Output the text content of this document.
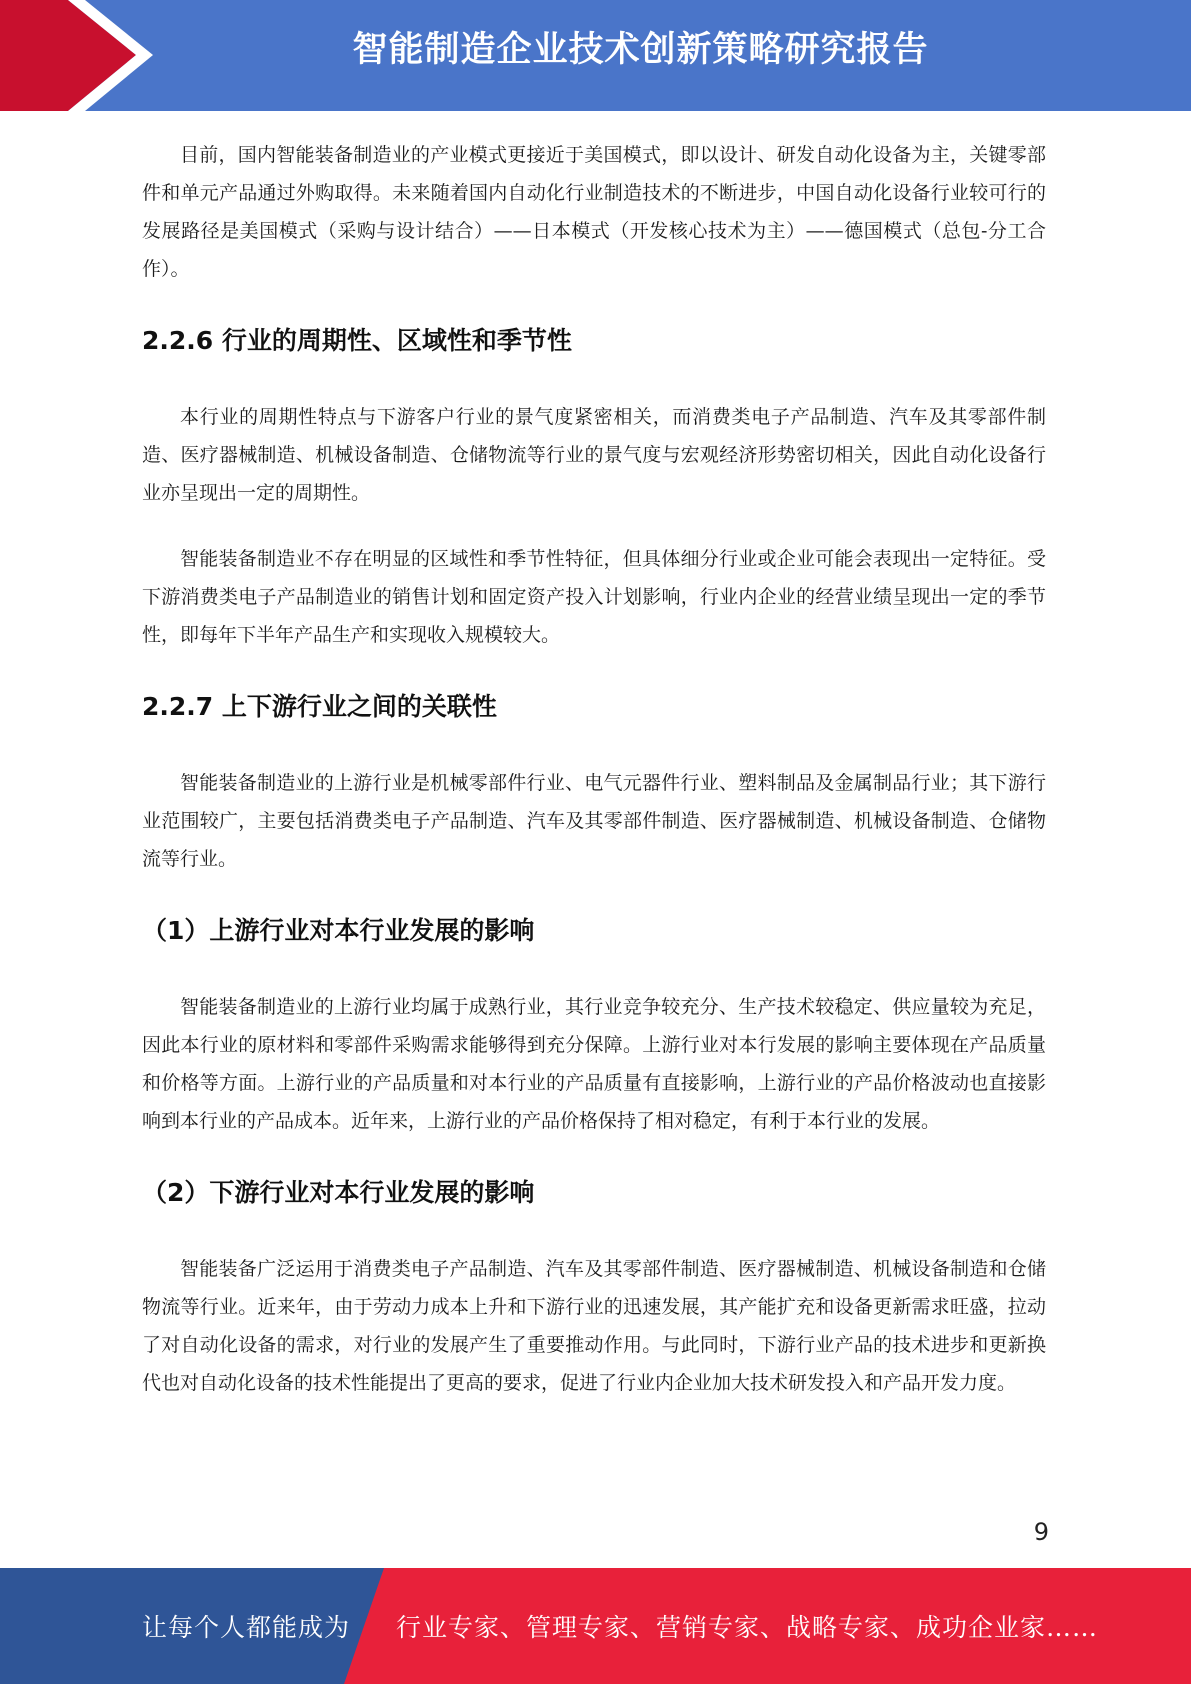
智能制造企业技术创新策略研究报告

目前，国内智能装备制造业的产业模式更接近于美国模式，即以设计、研发自动化设备为主，关键零部件和单元产品通过外购取得。未来随着国内自动化行业制造技术的不断进步，中国自动化设备行业较可行的发展路径是美国模式（采购与设计结合）——日本模式（开发核心技术为主）——德国模式（总包-分工合作）。

2.2.6 行业的周期性、区域性和季节性

本行业的周期性特点与下游客户行业的景气度紧密相关，而消费类电子产品制造、汽车及其零部件制造、医疗器械制造、机械设备制造、仓储物流等行业的景气度与宏观经济形势密切相关，因此自动化设备行业亦呈现出一定的周期性。

智能装备制造业不存在明显的区域性和季节性特征，但具体细分行业或企业可能会表现出一定特征。受下游消费类电子产品制造业的销售计划和固定资产投入计划影响，行业内企业的经营业绩呈现出一定的季节性，即每年下半年产品生产和实现收入规模较大。

2.2.7 上下游行业之间的关联性

智能装备制造业的上游行业是机械零部件行业、电气元器件行业、塑料制品及金属制品行业；其下游行业范围较广，主要包括消费类电子产品制造、汽车及其零部件制造、医疗器械制造、机械设备制造、仓储物流等行业。

（1）上游行业对本行业发展的影响

智能装备制造业的上游行业均属于成熟行业，其行业竞争较充分、生产技术较稳定、供应量较为充足，因此本行业的原材料和零部件采购需求能够得到充分保障。上游行业对本行发展的影响主要体现在产品质量和价格等方面。上游行业的产品质量和对本行业的产品质量有直接影响，上游行业的产品价格波动也直接影响到本行业的产品成本。近年来，上游行业的产品价格保持了相对稳定，有利于本行业的发展。

（2）下游行业对本行业发展的影响

智能装备广泛运用于消费类电子产品制造、汽车及其零部件制造、医疗器械制造、机械设备制造和仓储物流等行业。近来年，由于劳动力成本上升和下游行业的迅速发展，其产能扩充和设备更新需求旺盛，拉动了对自动化设备的需求，对行业的发展产生了重要推动作用。与此同时，下游行业产品的技术进步和更新换代也对自动化设备的技术性能提出了更高的要求，促进了行业内企业加大技术研发投入和产品开发力度。

9
让每个人都能成为 行业专家、管理专家、营销专家、战略专家、成功企业家……
